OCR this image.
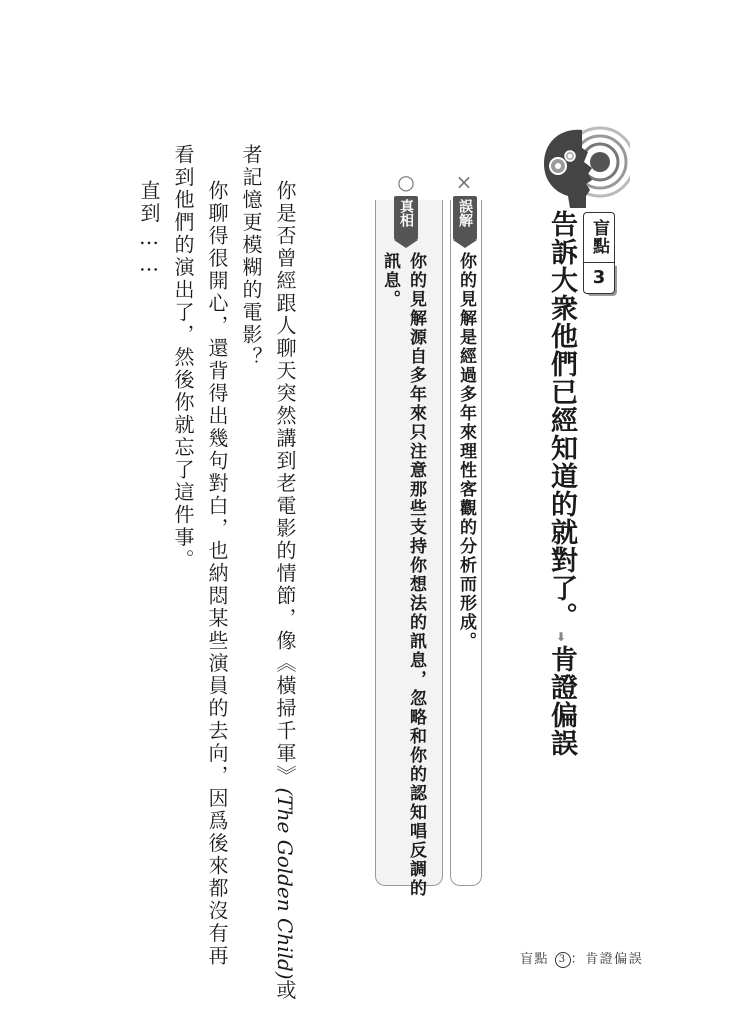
盲點
3
告訴大衆他們已經知道的就對了。⬇肯證偏誤
×
誤解
你的見解是經過多年來理性客觀的分析而形成。
○
真相
你的見解源自多年來只注意那些支持你想法的訊息，忽略和你的認知唱反調的
訊息。
你是否曾經跟人聊天突然講到老電影的情節，像《橫掃千軍》(The Golden Child)或
者記憶更模糊的電影？
你聊得很開心，還背得出幾句對白，也納悶某些演員的去向，因爲後來都沒有再
看到他們的演出了，然後你就忘了這件事。
直到……
盲點 3 ：肯證偏誤
